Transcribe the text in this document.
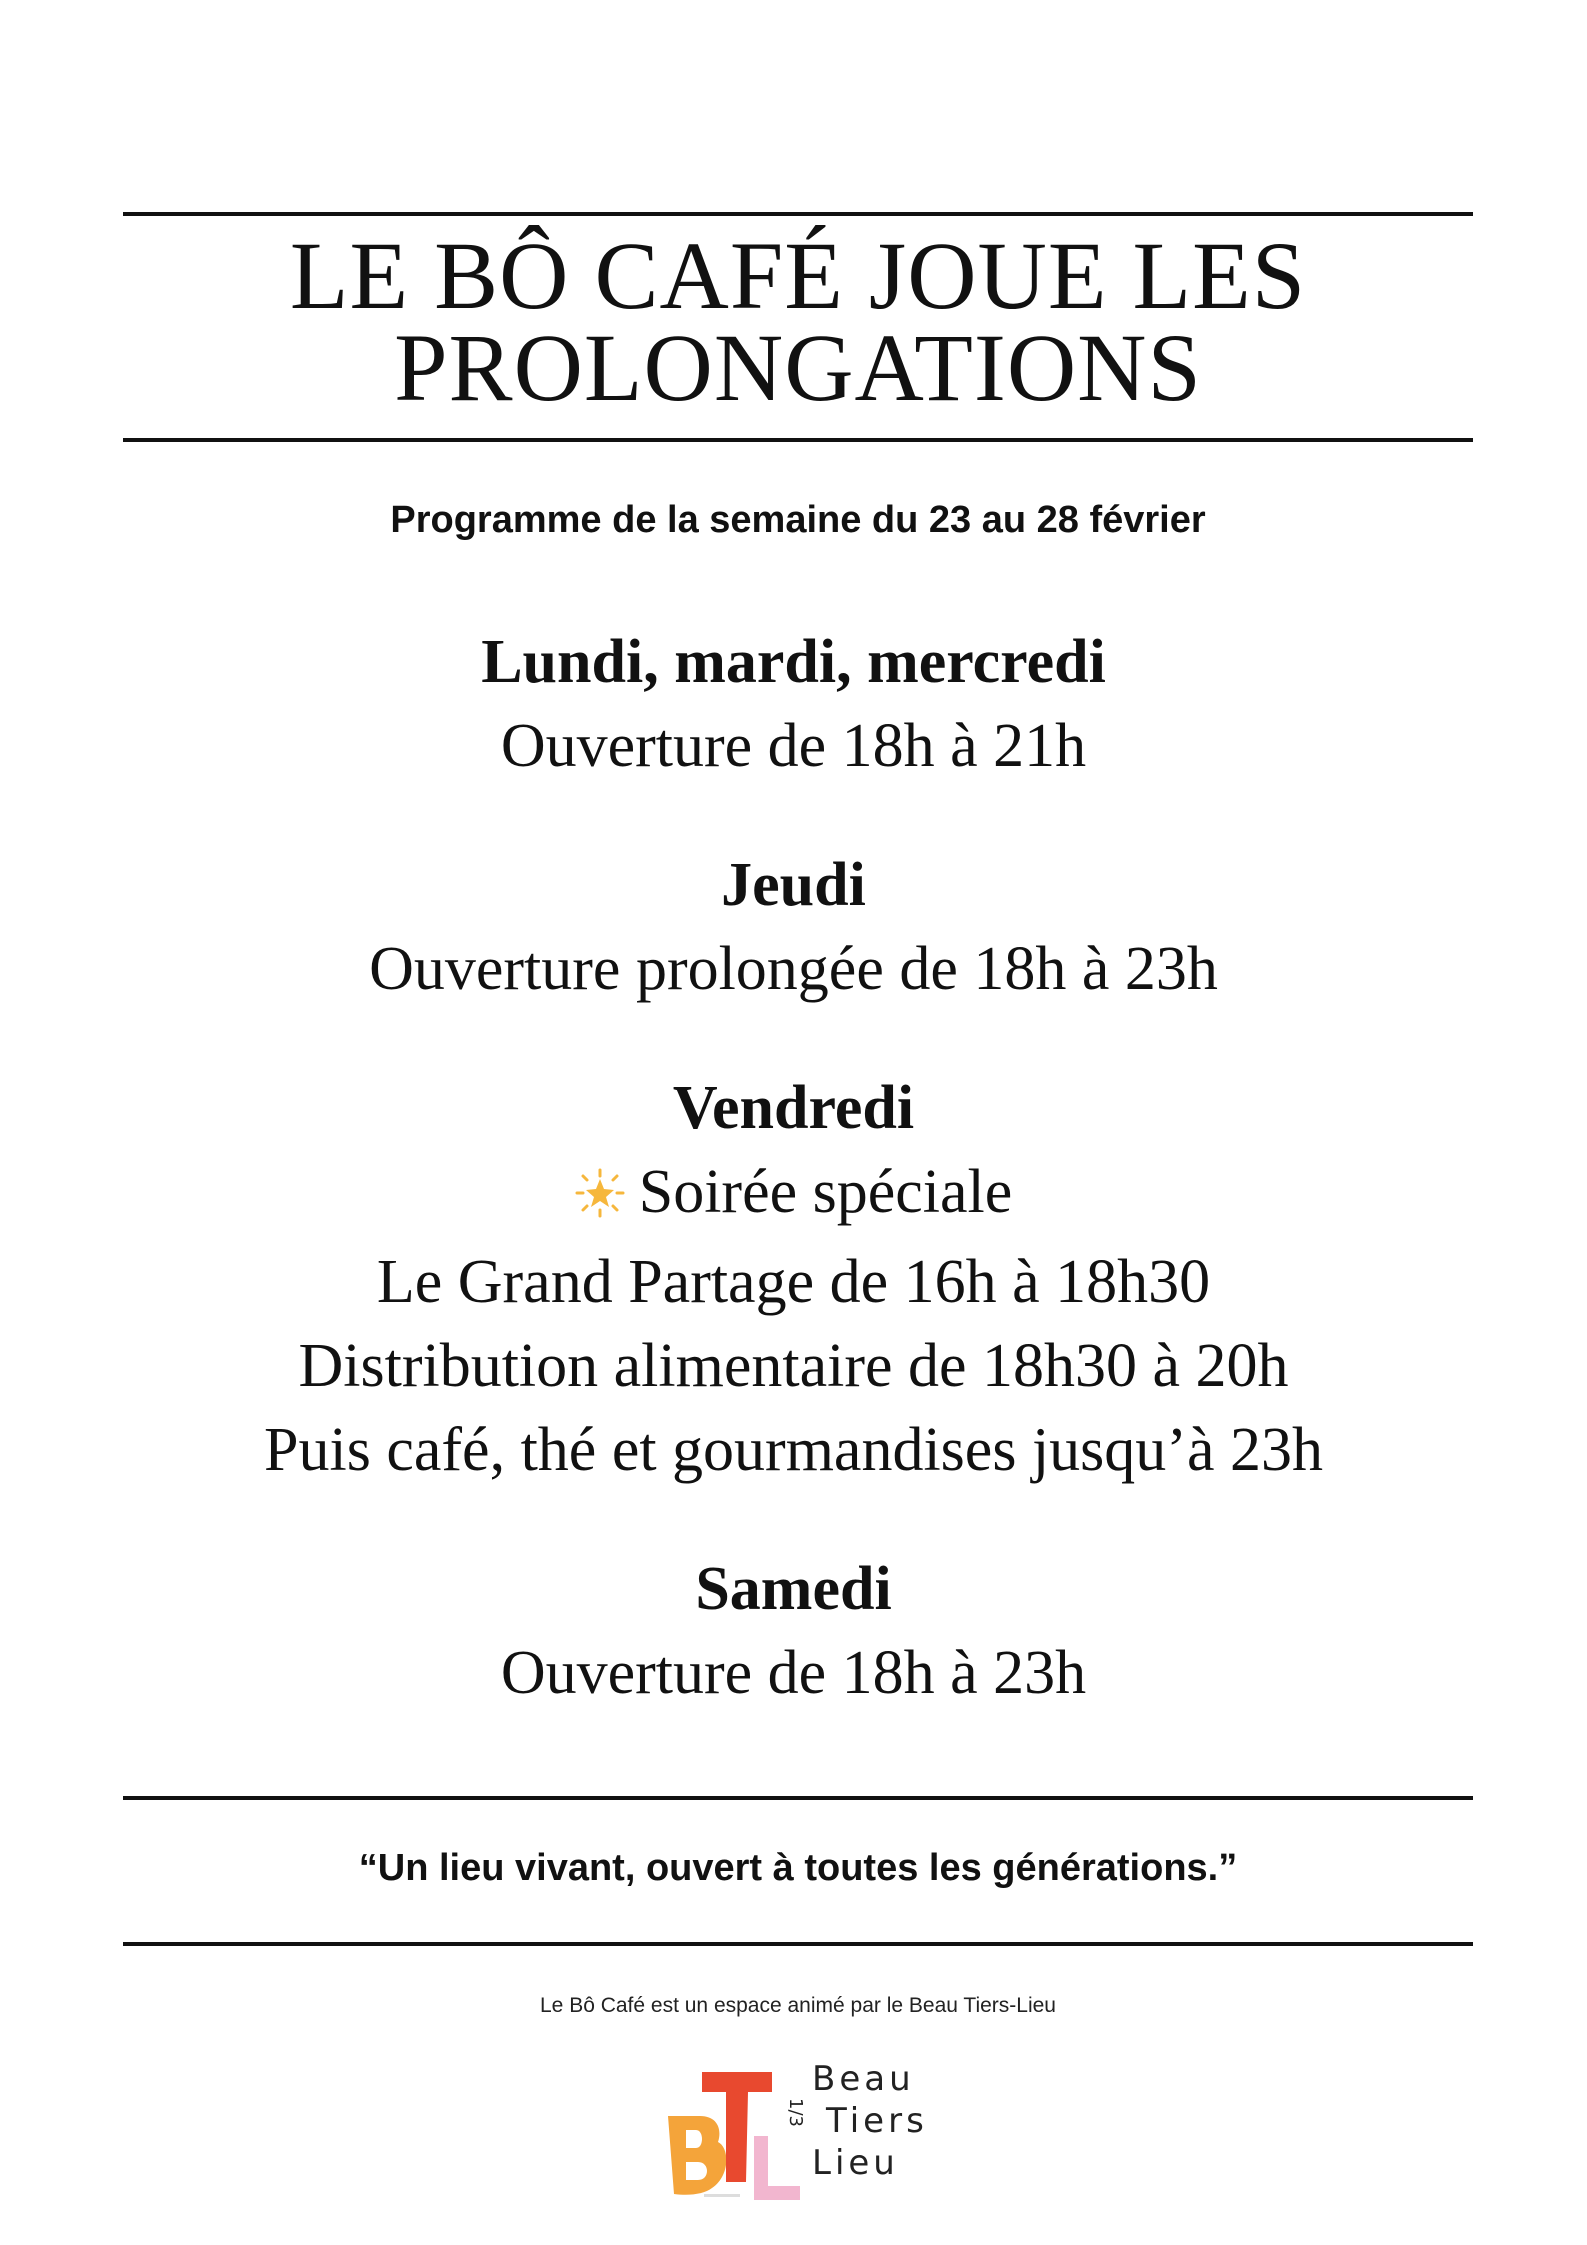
LE BÔ CAFÉ JOUE LES
PROLONGATIONS
Programme de la semaine du 23 au 28 février

Lundi, mardi, mercredi

Ouverture de 18h à 21h

Jeudi

Ouverture prolongée de 18h à 23h

Vendredi

Soirée spéciale

Le Grand Partage de 16h à 18h30

Distribution alimentaire de 18h30 à 20h

Puis café, thé et gourmandises jusqu’à 23h

Samedi

Ouverture de 18h à 23h

“Un lieu vivant, ouvert à toutes les générations.”
Le Bô Café est un espace animé par le Beau Tiers-Lieu
1/3
Beau
Tiers
Lieu
